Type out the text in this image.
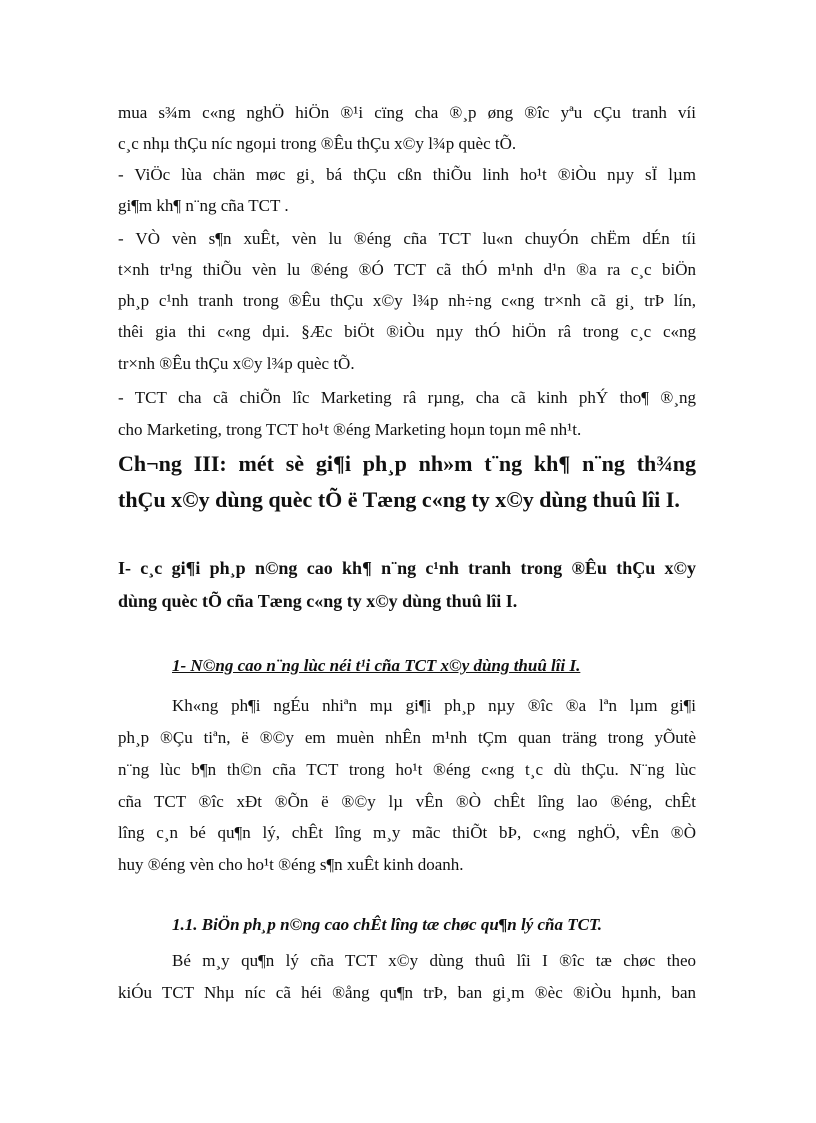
mua s¾m c«ng nghÖ hiÖn ®¹i cïng cha ®¸p øng ®îc yªu cÇu tranh víi
c¸c nhµ thÇu níc ngoµi trong ®Êu thÇu x©y l¾p quèc tÕ.
- ViÖc lùa chän møc gi¸ bá thÇu cßn thiÕu linh ho¹t ®iÒu nµy sÏ lµm
gi¶m kh¶ n¨ng cña TCT .
- VÒ vèn s¶n xuÊt, vèn lu ®éng cña TCT lu«n chuyÓn chËm dÉn tíi
t×nh tr¹ng thiÕu vèn lu ®éng ®Ó TCT cã thÓ m¹nh d¹n ®a ra c¸c biÖn
ph¸p c¹nh tranh trong ®Êu thÇu x©y l¾p nh÷ng c«ng tr×nh cã gi¸ trÞ lín,
thêi gia thi c«ng dµi. §Æc biÖt ®iÒu nµy thÓ hiÖn râ trong c¸c c«ng
tr×nh ®Êu thÇu x©y l¾p quèc tÕ.
- TCT cha cã chiÕn lîc Marketing râ rµng, cha cã kinh phÝ tho¶ ®¸ng
cho Marketing, trong TCT ho¹t ®éng Marketing hoµn toµn mê nh¹t.
Ch¬ng III: mét sè gi¶i ph¸p nh»m t¨ng kh¶ n¨ng th¾ng
thÇu x©y dùng quèc tÕ ë Tæng c«ng ty x©y dùng thuû lîi I.
I- c¸c gi¶i ph¸p n©ng cao kh¶ n¨ng c¹nh tranh trong ®Êu thÇu x©y
dùng quèc tÕ cña Tæng c«ng ty x©y dùng thuû lîi I.
1- N©ng cao n¨ng lùc néi t¹i cña TCT x©y dùng thuû lîi I.
Kh«ng ph¶i ngÉu nhiªn mµ gi¶i ph¸p nµy ®îc ®a lªn lµm gi¶i
ph¸p ®Çu tiªn, ë ®©y em muèn nhÊn m¹nh tÇm quan träng trong yÕutè
n¨ng lùc b¶n th©n cña TCT trong ho¹t ®éng c«ng t¸c dù thÇu. N¨ng lùc
cña TCT ®îc xÐt ®Õn ë ®©y lµ vÊn ®Ò chÊt lîng lao ®éng, chÊt
lîng c¸n bé qu¶n lý, chÊt lîng m¸y mãc thiÕt bÞ, c«ng nghÖ, vÊn ®Ò
huy ®éng vèn cho ho¹t ®éng s¶n xuÊt kinh doanh.
1.1. BiÖn ph¸p n©ng cao chÊt lîng tæ chøc qu¶n lý cña TCT.
Bé m¸y qu¶n lý cña TCT x©y dùng thuû lîi I ®îc tæ chøc theo
kiÓu TCT Nhµ níc cã héi ®ång qu¶n trÞ, ban gi¸m ®èc ®iÒu hµnh, ban
